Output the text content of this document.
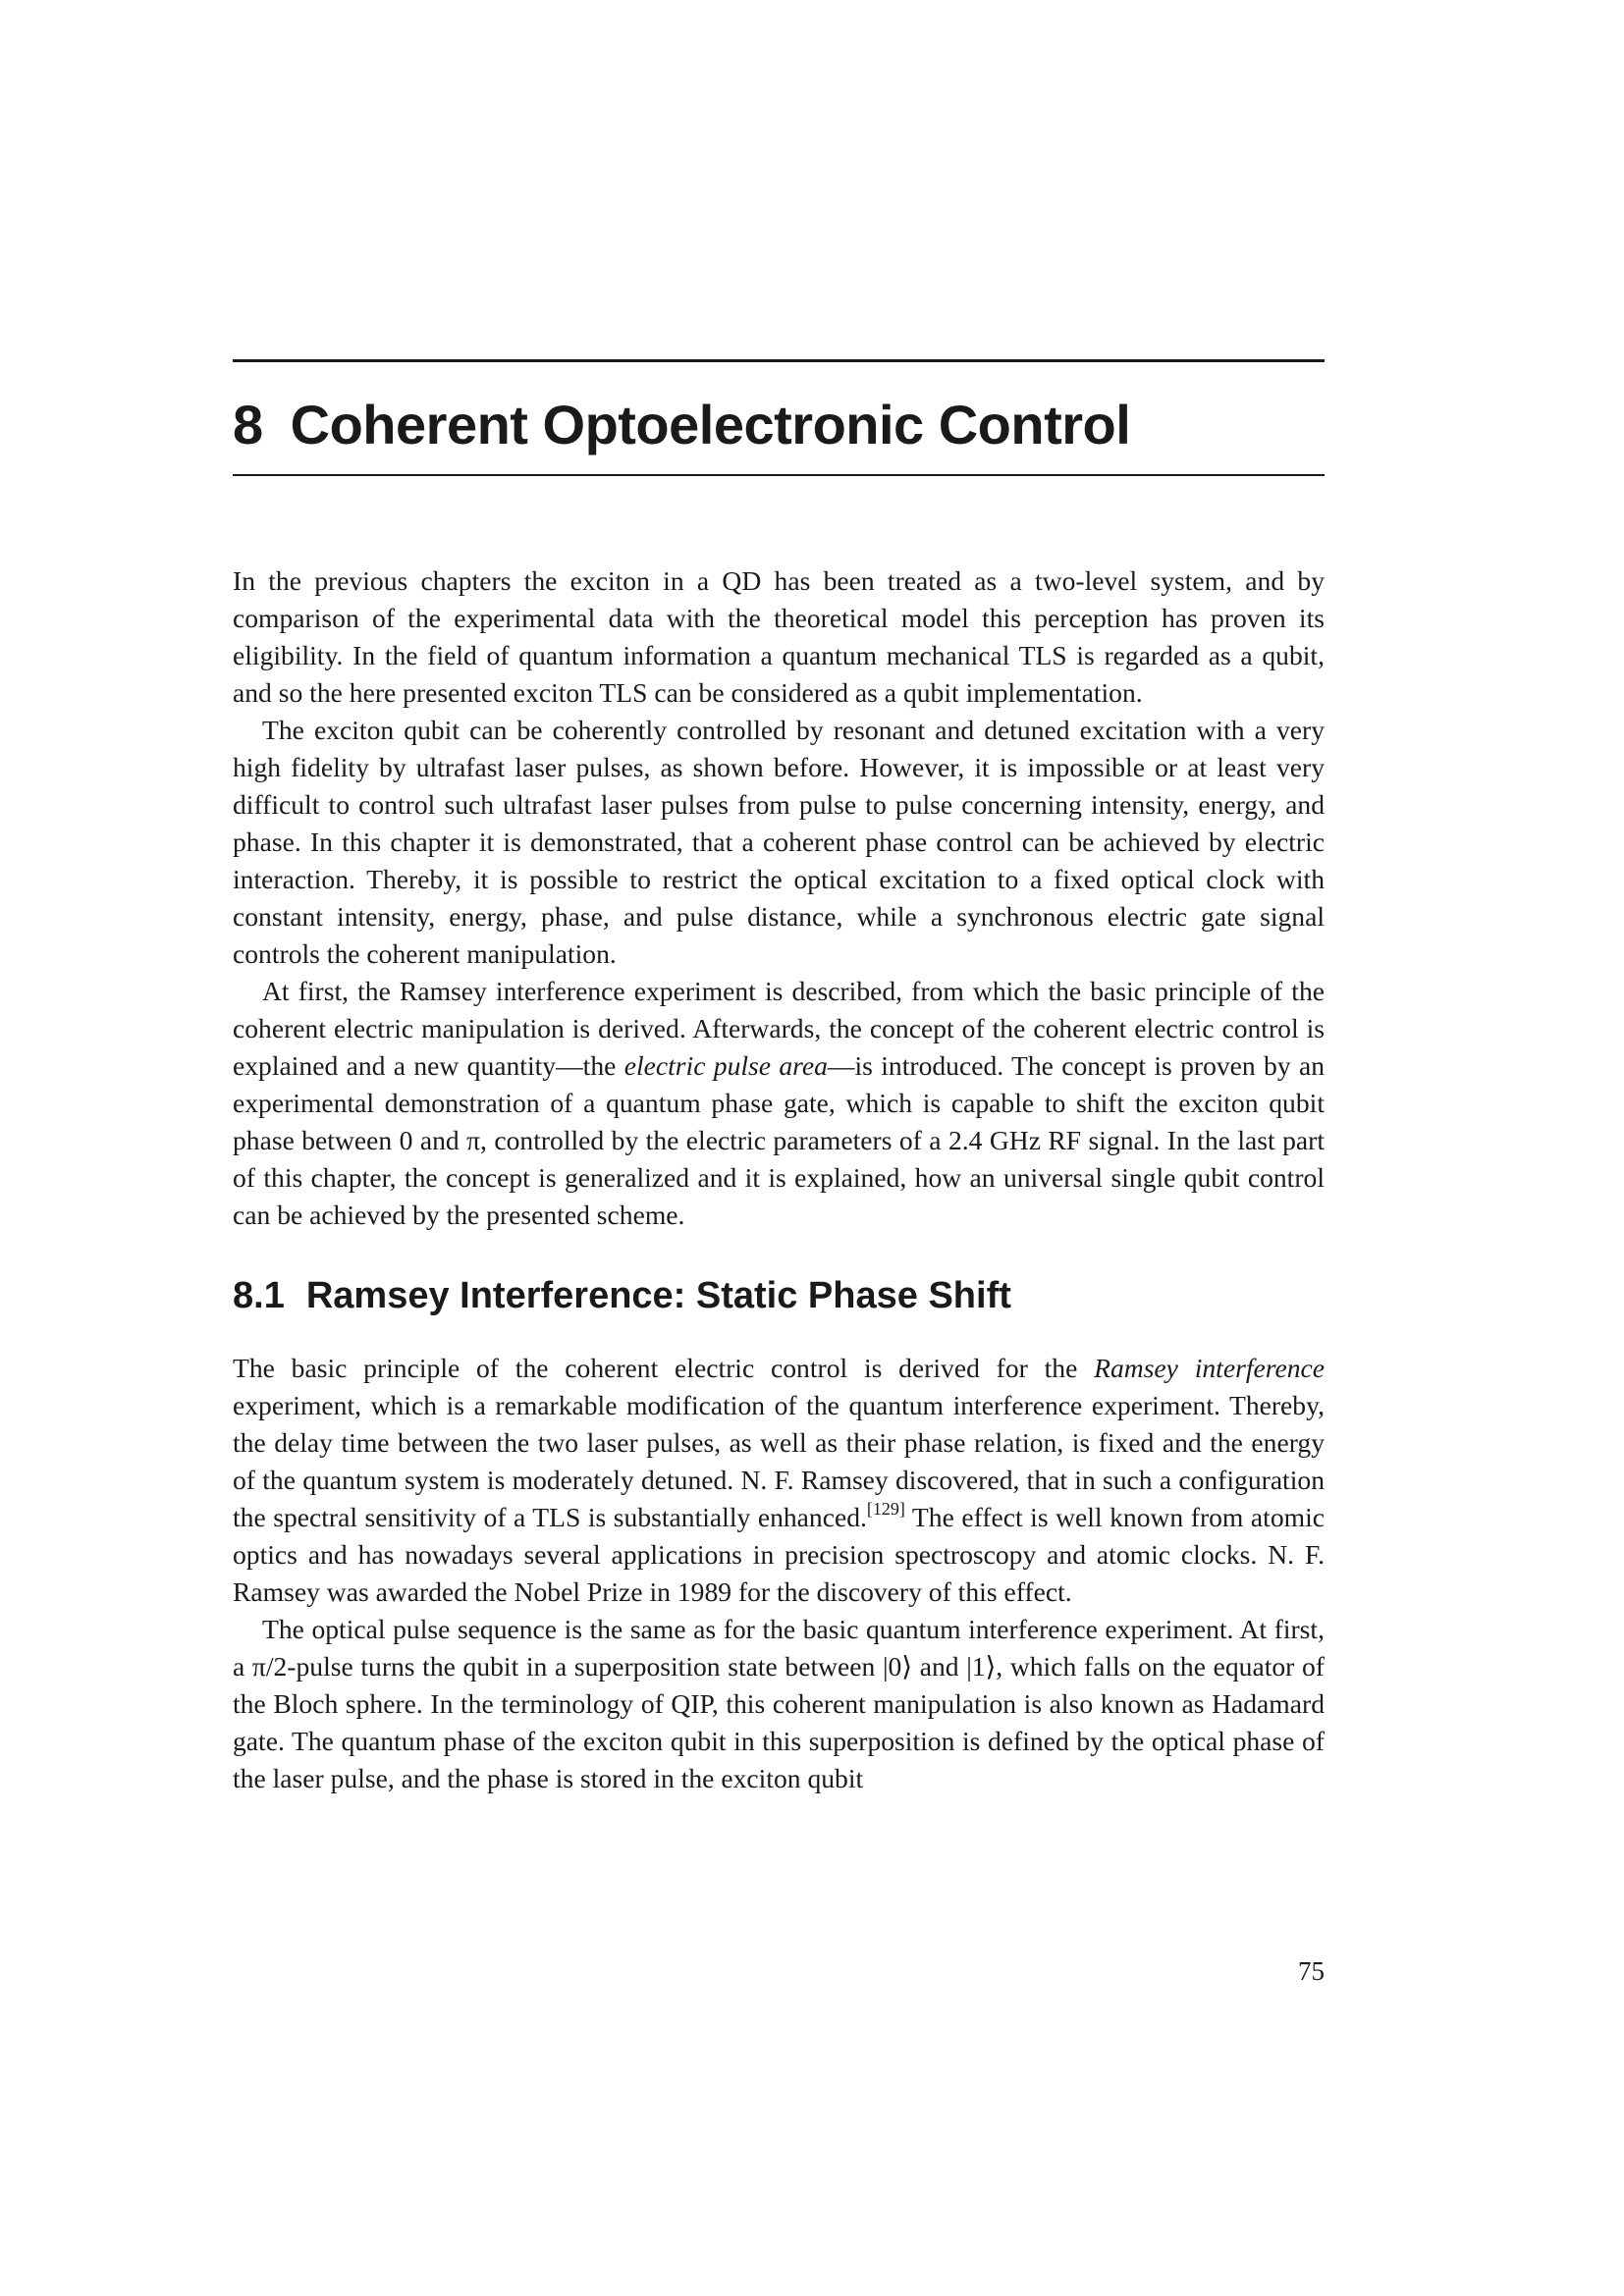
8 Coherent Optoelectronic Control

In the previous chapters the exciton in a QD has been treated as a two-level system, and by comparison of the experimental data with the theoretical model this perception has proven its eligibility. In the field of quantum information a quantum mechanical TLS is regarded as a qubit, and so the here presented exciton TLS can be considered as a qubit implementation.

The exciton qubit can be coherently controlled by resonant and detuned excitation with a very high fidelity by ultrafast laser pulses, as shown before. However, it is impossible or at least very difficult to control such ultrafast laser pulses from pulse to pulse concerning intensity, energy, and phase. In this chapter it is demonstrated, that a coherent phase control can be achieved by electric interaction. Thereby, it is possible to restrict the optical excitation to a fixed optical clock with constant intensity, energy, phase, and pulse distance, while a synchronous electric gate signal controls the coherent manipulation.

At first, the Ramsey interference experiment is described, from which the basic principle of the coherent electric manipulation is derived. Afterwards, the concept of the coherent electric control is explained and a new quantity—the electric pulse area—is introduced. The concept is proven by an experimental demonstration of a quantum phase gate, which is capable to shift the exciton qubit phase between 0 and π, controlled by the electric parameters of a 2.4 GHz RF signal. In the last part of this chapter, the concept is generalized and it is explained, how an universal single qubit control can be achieved by the presented scheme.

8.1 Ramsey Interference: Static Phase Shift

The basic principle of the coherent electric control is derived for the Ramsey interference experiment, which is a remarkable modification of the quantum interference experiment. Thereby, the delay time between the two laser pulses, as well as their phase relation, is fixed and the energy of the quantum system is moderately detuned. N. F. Ramsey discovered, that in such a configuration the spectral sensitivity of a TLS is substantially enhanced.[129] The effect is well known from atomic optics and has nowadays several applications in precision spectroscopy and atomic clocks. N. F. Ramsey was awarded the Nobel Prize in 1989 for the discovery of this effect.

The optical pulse sequence is the same as for the basic quantum interference experiment. At first, a π/2-pulse turns the qubit in a superposition state between |0⟩ and |1⟩, which falls on the equator of the Bloch sphere. In the terminology of QIP, this coherent manipulation is also known as Hadamard gate. The quantum phase of the exciton qubit in this superposition is defined by the optical phase of the laser pulse, and the phase is stored in the exciton qubit

75
